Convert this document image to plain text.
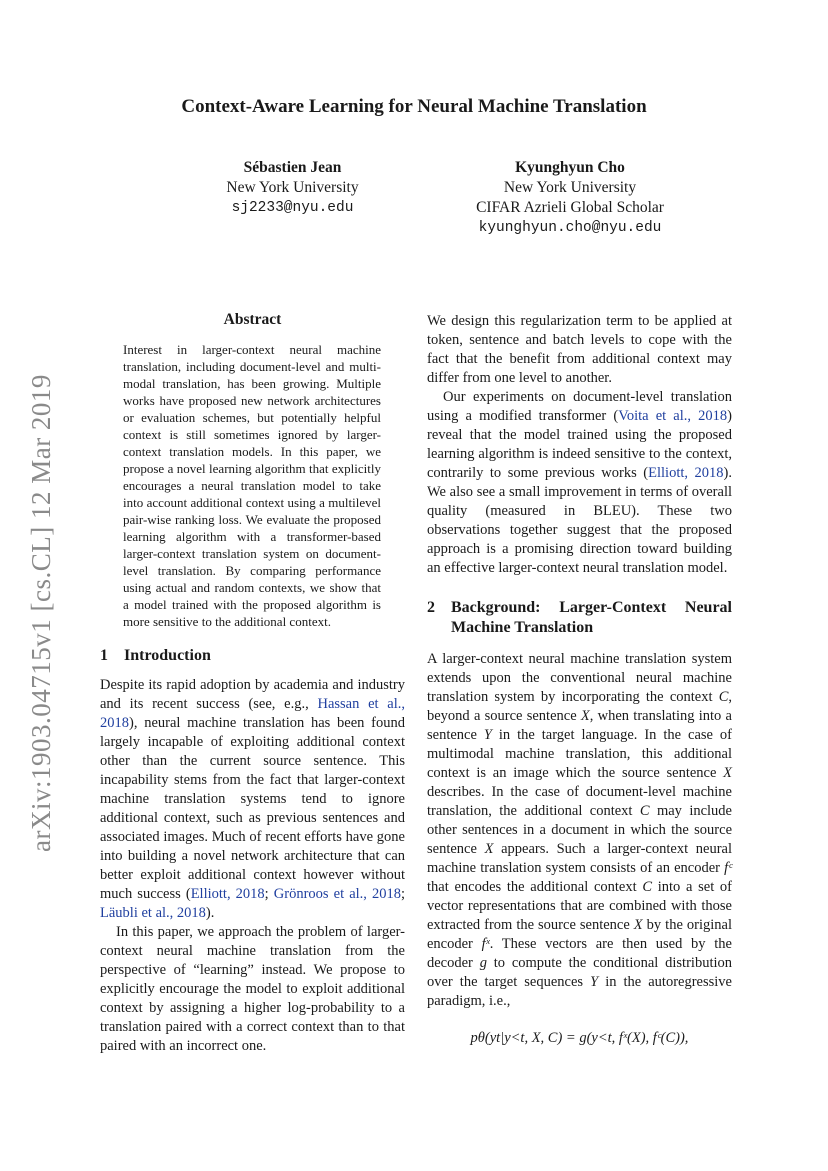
arXiv:1903.04715v1 [cs.CL] 12 Mar 2019
Context-Aware Learning for Neural Machine Translation
Sébastien Jean
New York University
sj2233@nyu.edu
Kyunghyun Cho
New York University
CIFAR Azrieli Global Scholar
kyunghyun.cho@nyu.edu
Abstract
Interest in larger-context neural machine translation, including document-level and multi-modal translation, has been growing. Multiple works have proposed new network architectures or evaluation schemes, but potentially helpful context is still sometimes ignored by larger-context translation models. In this paper, we propose a novel learning algorithm that explicitly encourages a neural translation model to take into account additional context using a multilevel pair-wise ranking loss. We evaluate the proposed learning algorithm with a transformer-based larger-context translation system on document-level translation. By comparing performance using actual and random contexts, we show that a model trained with the proposed algorithm is more sensitive to the additional context.
1	Introduction

Despite its rapid adoption by academia and industry and its recent success (see, e.g., Hassan et al., 2018), neural machine translation has been found largely incapable of exploiting additional context other than the current source sentence. This incapability stems from the fact that larger-context machine translation systems tend to ignore additional context, such as previous sentences and associated images. Much of recent efforts have gone into building a novel network architecture that can better exploit additional context however without much success (Elliott, 2018; Grönroos et al., 2018; Läubli et al., 2018).

In this paper, we approach the problem of larger-context neural machine translation from the perspective of “learning” instead. We propose to explicitly encourage the model to exploit additional context by assigning a higher log-probability to a translation paired with a correct context than to that paired with an incorrect one.

We design this regularization term to be applied at token, sentence and batch levels to cope with the fact that the benefit from additional context may differ from one level to another.

Our experiments on document-level translation using a modified transformer (Voita et al., 2018) reveal that the model trained using the proposed learning algorithm is indeed sensitive to the context, contrarily to some previous works (Elliott, 2018). We also see a small improvement in terms of overall quality (measured in BLEU). These two observations together suggest that the proposed approach is a promising direction toward building an effective larger-context neural translation model.

2	Background: Larger-Context Neural Machine Translation

A larger-context neural machine translation system extends upon the conventional neural machine translation system by incorporating the context C, beyond a source sentence X, when translating into a sentence Y in the target language. In the case of multimodal machine translation, this additional context is an image which the source sentence X describes. In the case of document-level machine translation, the additional context C may include other sentences in a document in which the source sentence X appears. Such a larger-context neural machine translation system consists of an encoder fᶜ that encodes the additional context C into a set of vector representations that are combined with those extracted from the source sentence X by the original encoder fˣ. These vectors are then used by the decoder g to compute the conditional distribution over the target sequences Y in the autoregressive paradigm, i.e.,

pθ(yt|y<t, X, C) = g(y<t, fˣ(X), fᶜ(C)),
